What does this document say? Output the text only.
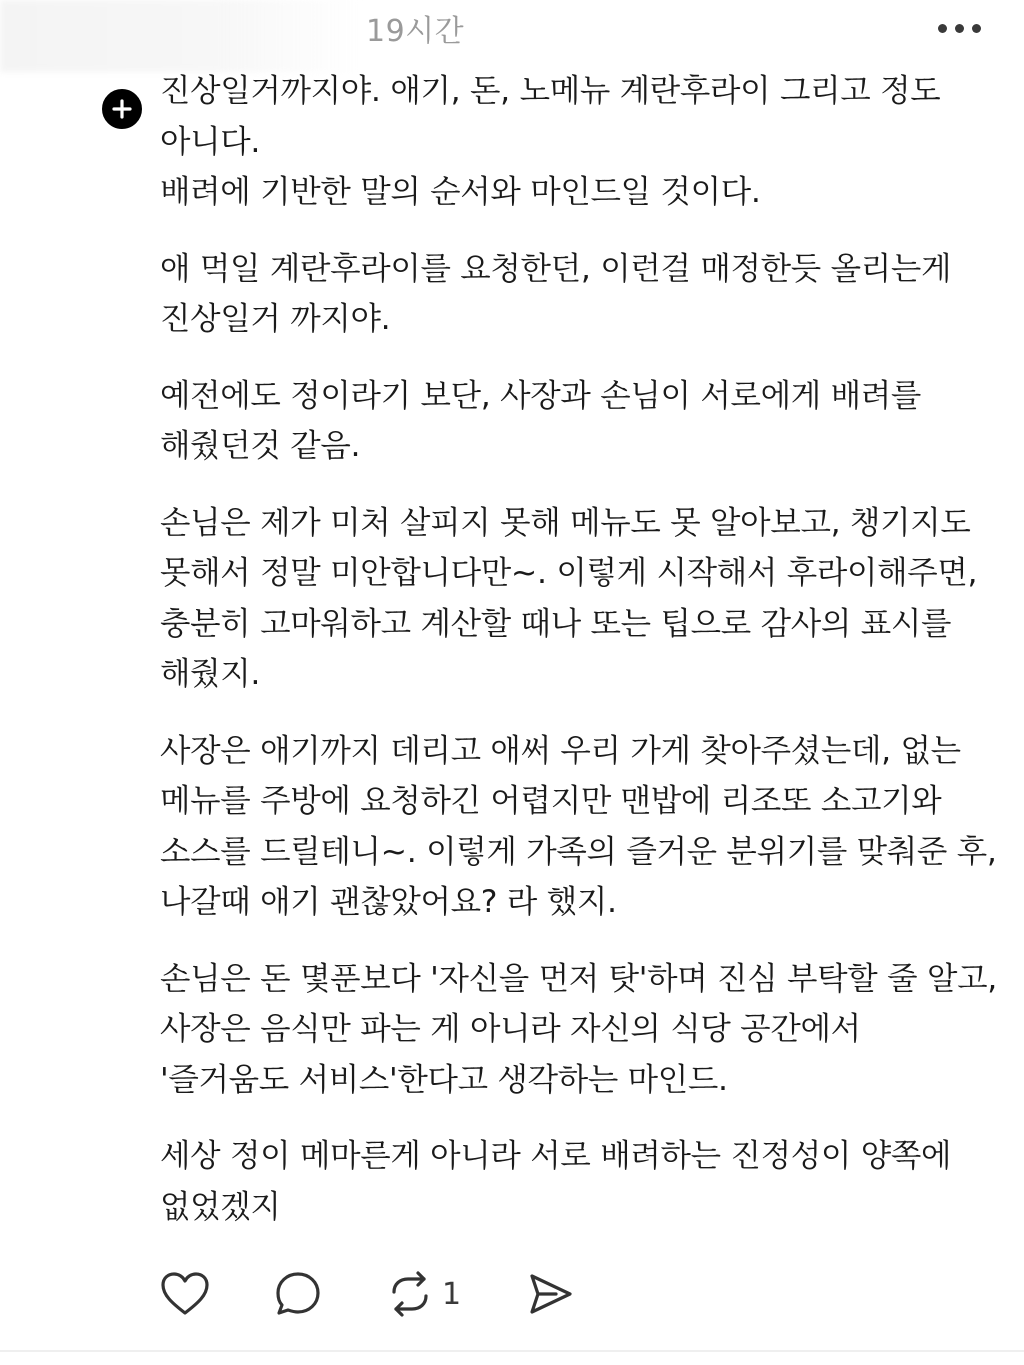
19시간

진상일거까지야. 애기, 돈, 노메뉴 계란후라이 그리고 정도
아니다.
배려에 기반한 말의 순서와 마인드일 것이다.

애 먹일 계란후라이를 요청한던, 이런걸 매정한듯 올리는게
진상일거 까지야.

예전에도 정이라기 보단, 사장과 손님이 서로에게 배려를
해줬던것 같음.

손님은 제가 미처 살피지 못해 메뉴도 못 알아보고, 챙기지도
못해서 정말 미안합니다만~. 이렇게 시작해서 후라이해주면,
충분히 고마워하고 계산할 때나 또는 팁으로 감사의 표시를
해줬지.

사장은 애기까지 데리고 애써 우리 가게 찾아주셨는데, 없는
메뉴를 주방에 요청하긴 어렵지만 맨밥에 리조또 소고기와
소스를 드릴테니~. 이렇게 가족의 즐거운 분위기를 맞춰준 후,
나갈때 애기 괜찮았어요? 라 했지.

손님은 돈 몇푼보다 '자신을 먼저 탓'하며 진심 부탁할 줄 알고,
사장은 음식만 파는 게 아니라 자신의 식당 공간에서
'즐거움도 서비스'한다고 생각하는 마인드.

세상 정이 메마른게 아니라 서로 배려하는 진정성이 양쪽에
없었겠지

1
